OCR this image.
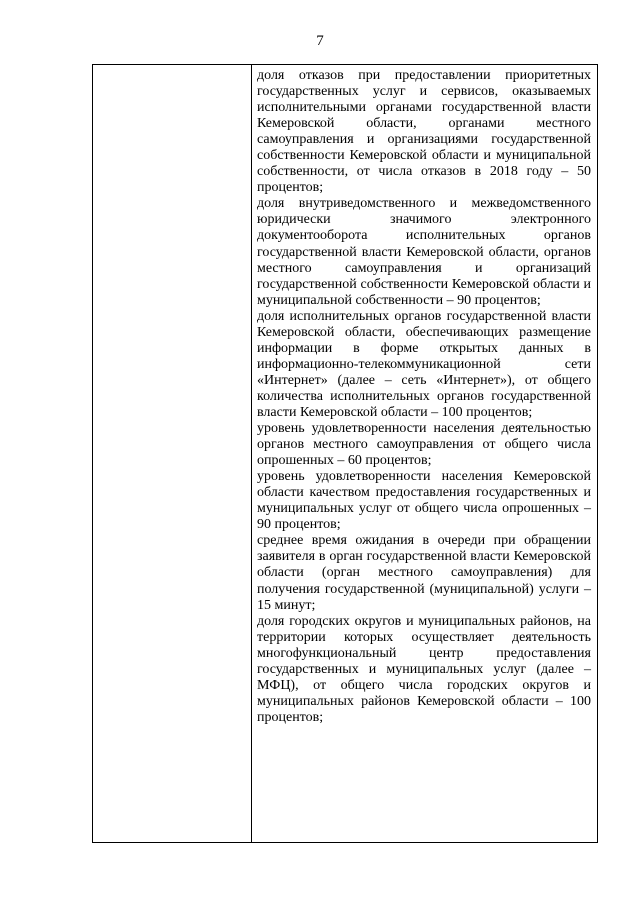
7

доля отказов при предоставлении приоритетных государственных услуг и сервисов, оказываемых исполнительными органами государственной власти Кемеровской области, органами местного самоуправления и организациями государственной собственности Кемеровской области и муниципальной собственности, от числа отказов в 2018 году – 50 процентов;

доля внутриведомственного и межведомственного юридически значимого электронного документооборота исполнительных органов государственной власти Кемеровской области, органов местного самоуправления и организаций государственной собственности Кемеровской области и муниципальной собственности – 90 процентов;

доля исполнительных органов государственной власти Кемеровской области, обеспечивающих размещение информации в форме открытых данных в информационно-телекоммуникационной сети «Интернет» (далее – сеть «Интернет»), от общего количества исполнительных органов государственной власти Кемеровской области – 100 процентов;

уровень удовлетворенности населения деятельностью органов местного самоуправления от общего числа опрошенных – 60 процентов;

уровень удовлетворенности населения Кемеровской области качеством предоставления государственных и муниципальных услуг от общего числа опрошенных – 90 процентов;

среднее время ожидания в очереди при обращении заявителя в орган государственной власти Кемеровской области (орган местного самоуправления) для получения государственной (муниципальной) услуги – 15 минут;

доля городских округов и муниципальных районов, на территории которых осуществляет деятельность многофункциональный центр предоставления государственных и муниципальных услуг (далее – МФЦ), от общего числа городских округов и муниципальных районов Кемеровской области – 100 процентов;
